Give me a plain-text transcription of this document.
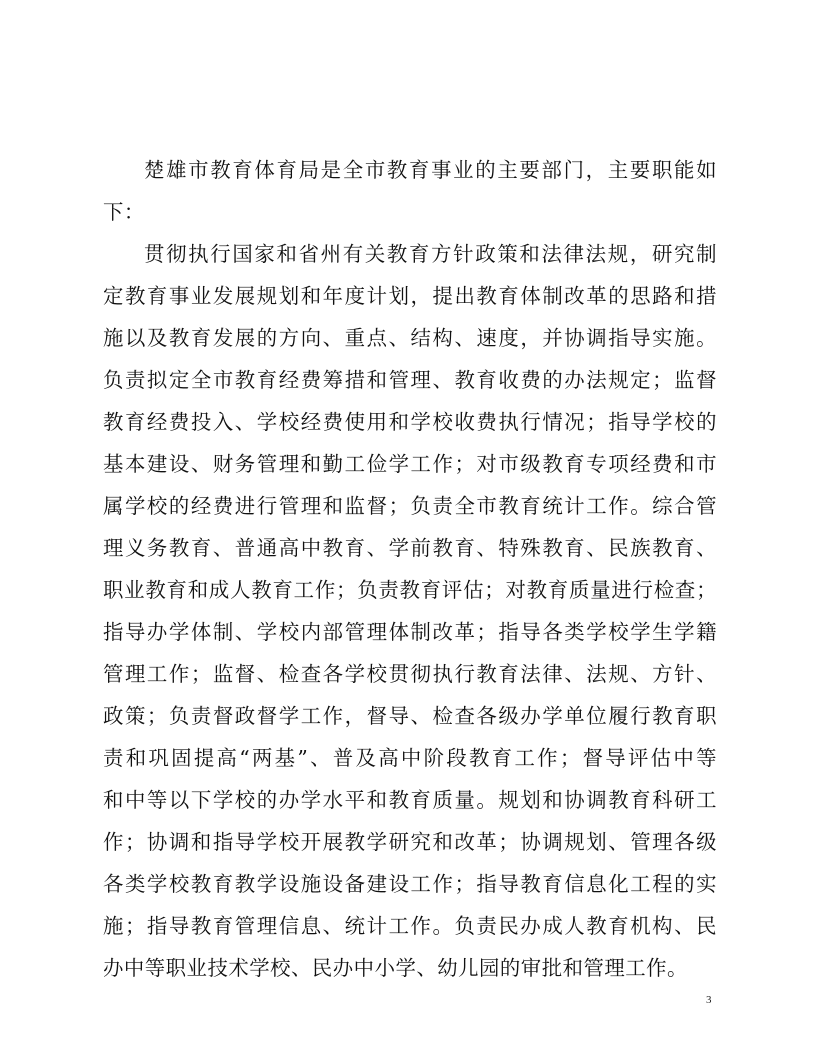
楚雄市教育体育局是全市教育事业的主要部门，主要职能如
下：

贯彻执行国家和省州有关教育方针政策和法律法规，研究制
定教育事业发展规划和年度计划，提出教育体制改革的思路和措
施以及教育发展的方向、重点、结构、速度，并协调指导实施。
负责拟定全市教育经费筹措和管理、教育收费的办法规定；监督
教育经费投入、学校经费使用和学校收费执行情况；指导学校的
基本建设、财务管理和勤工俭学工作；对市级教育专项经费和市
属学校的经费进行管理和监督；负责全市教育统计工作。综合管
理义务教育、普通高中教育、学前教育、特殊教育、民族教育、
职业教育和成人教育工作；负责教育评估；对教育质量进行检查；
指导办学体制、学校内部管理体制改革；指导各类学校学生学籍
管理工作；监督、检查各学校贯彻执行教育法律、法规、方针、
政策；负责督政督学工作，督导、检查各级办学单位履行教育职
责和巩固提高“两基”、普及高中阶段教育工作；督导评估中等
和中等以下学校的办学水平和教育质量。规划和协调教育科研工
作；协调和指导学校开展教学研究和改革；协调规划、管理各级
各类学校教育教学设施设备建设工作；指导教育信息化工程的实
施；指导教育管理信息、统计工作。负责民办成人教育机构、民
办中等职业技术学校、民办中小学、幼儿园的审批和管理工作。

3
